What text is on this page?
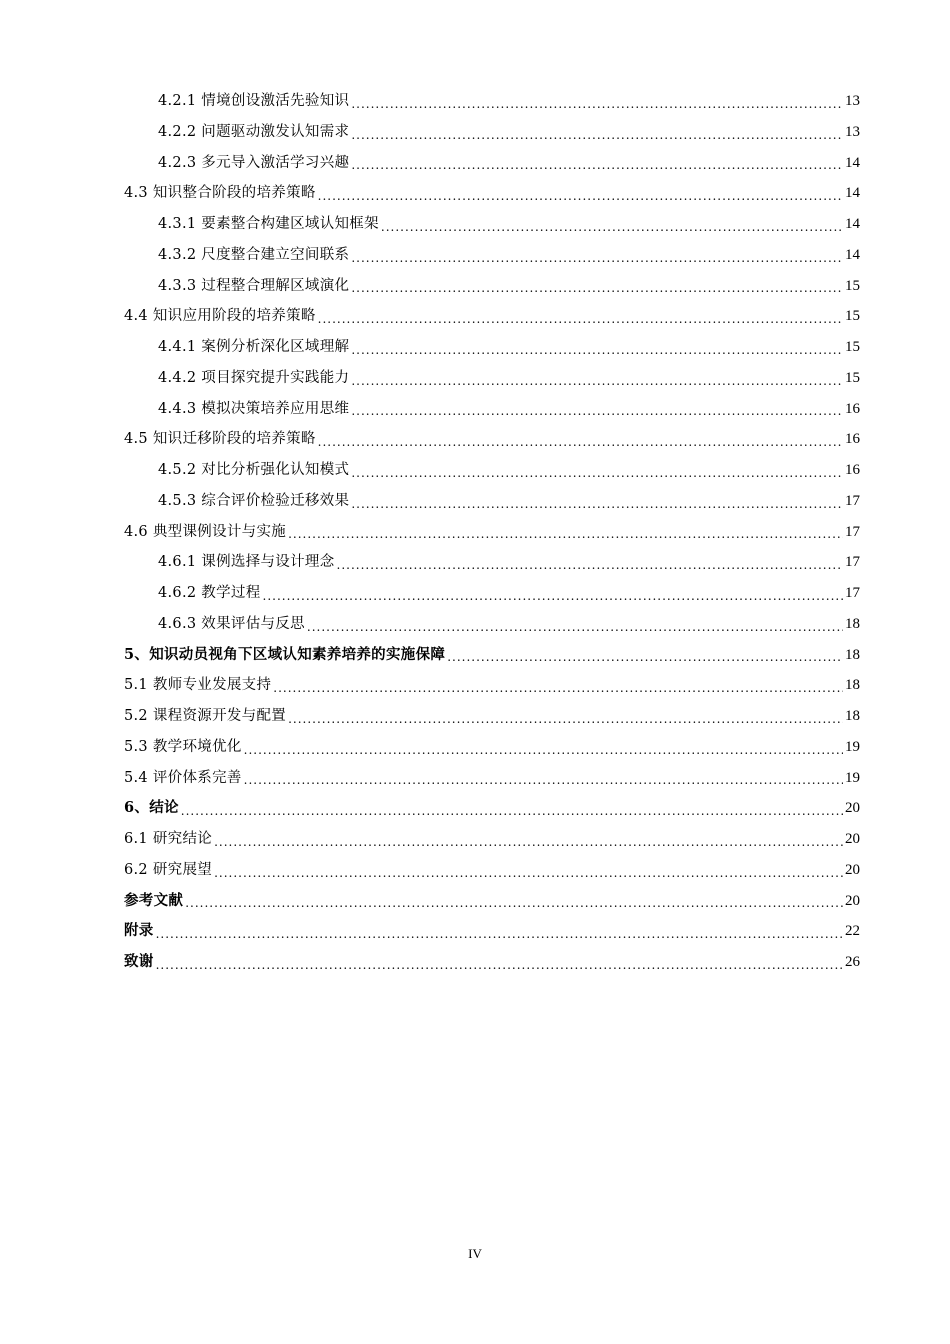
4.2.1 情境创设激活先验知识 .....	13
4.2.2 问题驱动激发认知需求 .....	13
4.2.3 多元导入激活学习兴趣 .....	14
4.3 知识整合阶段的培养策略 .....	14
4.3.1 要素整合构建区域认知框架 .....	14
4.3.2 尺度整合建立空间联系 .....	14
4.3.3 过程整合理解区域演化 .....	15
4.4 知识应用阶段的培养策略 .....	15
4.4.1 案例分析深化区域理解 .....	15
4.4.2 项目探究提升实践能力 .....	15
4.4.3 模拟决策培养应用思维 .....	16
4.5 知识迁移阶段的培养策略 .....	16
4.5.2 对比分析强化认知模式 .....	16
4.5.3 综合评价检验迁移效果 .....	17
4.6 典型课例设计与实施 .....	17
4.6.1 课例选择与设计理念 .....	17
4.6.2 教学过程 .....	17
4.6.3 效果评估与反思 .....	18
5、知识动员视角下区域认知素养培养的实施保障 .....	18
5.1 教师专业发展支持 .....	18
5.2 课程资源开发与配置 .....	18
5.3 教学环境优化 .....	19
5.4 评价体系完善 .....	19
6、结论 .....	20
6.1 研究结论 .....	20
6.2 研究展望 .....	20
参考文献 .....	20
附录 .....	22
致谢 .....	26
IV
